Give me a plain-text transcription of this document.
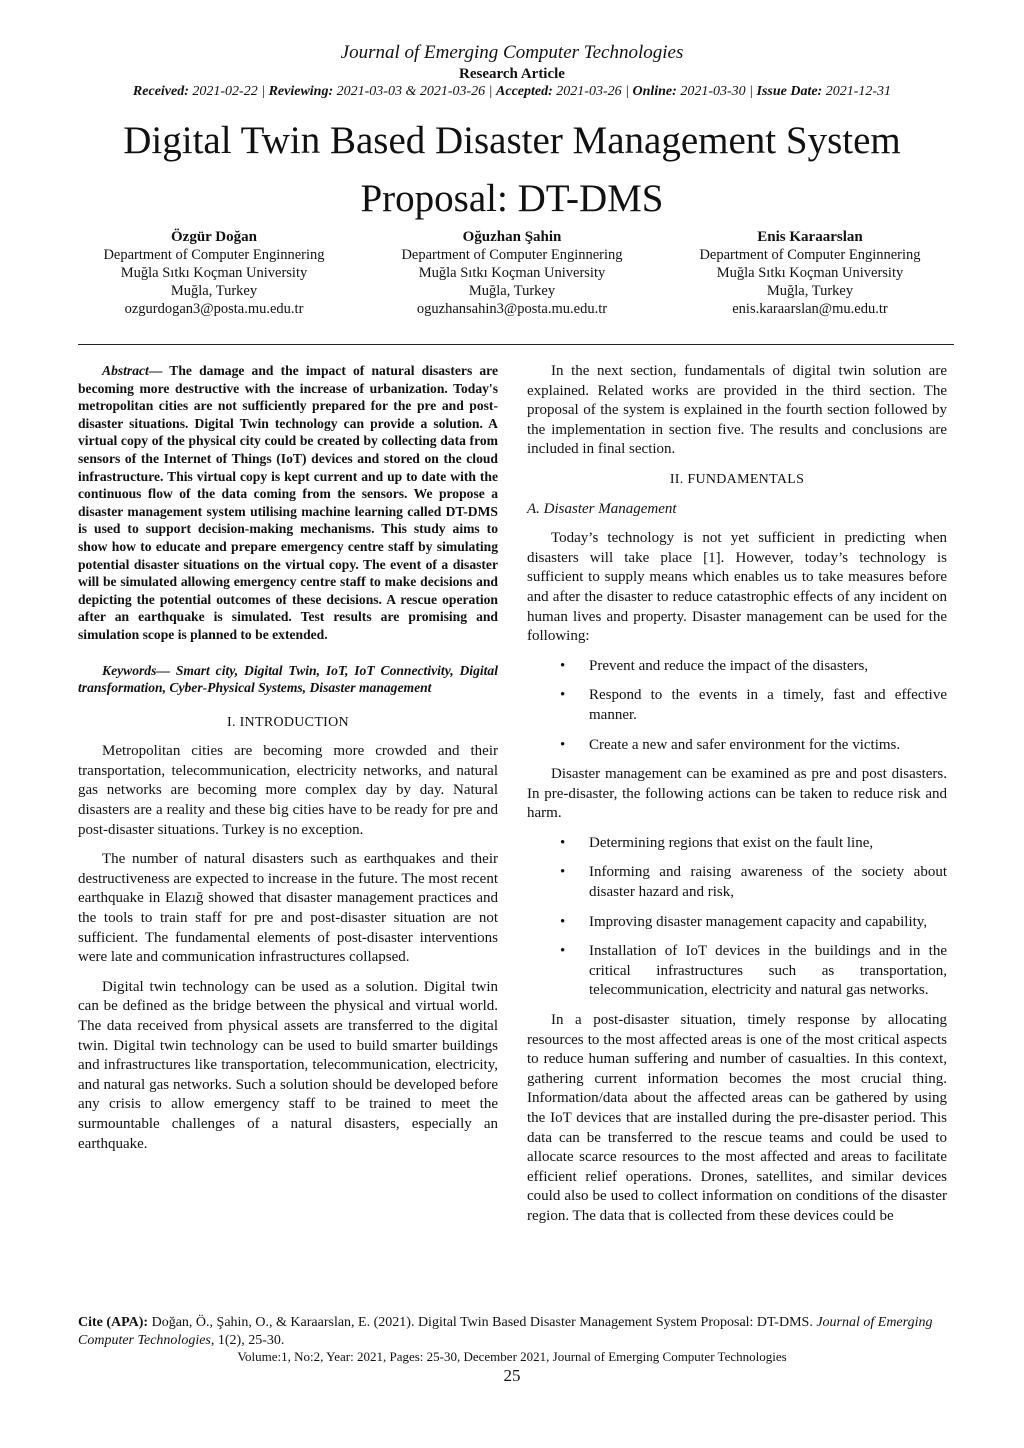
Journal of Emerging Computer Technologies
Research Article
Received: 2021-02-22 | Reviewing: 2021-03-03 & 2021-03-26 | Accepted: 2021-03-26 | Online: 2021-03-30 | Issue Date: 2021-12-31
Digital Twin Based Disaster Management System Proposal: DT-DMS
Özgür Doğan
Department of Computer Enginnering
Muğla Sıtkı Koçman University
Muğla, Turkey
ozgurdogan3@posta.mu.edu.tr
Oğuzhan Şahin
Department of Computer Enginnering
Muğla Sıtkı Koçman University
Muğla, Turkey
oguzhansahin3@posta.mu.edu.tr
Enis Karaarslan
Department of Computer Enginnering
Muğla Sıtkı Koçman University
Muğla, Turkey
enis.karaarslan@mu.edu.tr

Abstract— The damage and the impact of natural disasters are becoming more destructive with the increase of urbanization. Today's metropolitan cities are not sufficiently prepared for the pre and post-disaster situations. Digital Twin technology can provide a solution. A virtual copy of the physical city could be created by collecting data from sensors of the Internet of Things (IoT) devices and stored on the cloud infrastructure. This virtual copy is kept current and up to date with the continuous flow of the data coming from the sensors. We propose a disaster management system utilising machine learning called DT-DMS is used to support decision-making mechanisms. This study aims to show how to educate and prepare emergency centre staff by simulating potential disaster situations on the virtual copy. The event of a disaster will be simulated allowing emergency centre staff to make decisions and depicting the potential outcomes of these decisions. A rescue operation after an earthquake is simulated. Test results are promising and simulation scope is planned to be extended.

Keywords— Smart city, Digital Twin, IoT, IoT Connectivity, Digital transformation, Cyber-Physical Systems, Disaster management

I. INTRODUCTION

Metropolitan cities are becoming more crowded and their transportation, telecommunication, electricity networks, and natural gas networks are becoming more complex day by day. Natural disasters are a reality and these big cities have to be ready for pre and post-disaster situations. Turkey is no exception.

The number of natural disasters such as earthquakes and their destructiveness are expected to increase in the future. The most recent earthquake in Elazığ showed that disaster management practices and the tools to train staff for pre and post-disaster situation are not sufficient. The fundamental elements of post-disaster interventions were late and communication infrastructures collapsed.

Digital twin technology can be used as a solution. Digital twin can be defined as the bridge between the physical and virtual world. The data received from physical assets are transferred to the digital twin. Digital twin technology can be used to build smarter buildings and infrastructures like transportation, telecommunication, electricity, and natural gas networks. Such a solution should be developed before any crisis to allow emergency staff to be trained to meet the surmountable challenges of a natural disasters, especially an earthquake.

In the next section, fundamentals of digital twin solution are explained. Related works are provided in the third section. The proposal of the system is explained in the fourth section followed by the implementation in section five. The results and conclusions are included in final section.

II. FUNDAMENTALS
A. Disaster Management

Today’s technology is not yet sufficient in predicting when disasters will take place [1]. However, today’s technology is sufficient to supply means which enables us to take measures before and after the disaster to reduce catastrophic effects of any incident on human lives and property. Disaster management can be used for the following:

• Prevent and reduce the impact of the disasters,
• Respond to the events in a timely, fast and effective manner.
• Create a new and safer environment for the victims.

Disaster management can be examined as pre and post disasters. In pre-disaster, the following actions can be taken to reduce risk and harm.

• Determining regions that exist on the fault line,
• Informing and raising awareness of the society about disaster hazard and risk,
• Improving disaster management capacity and capability,
• Installation of IoT devices in the buildings and in the critical infrastructures such as transportation, telecommunication, electricity and natural gas networks.

In a post-disaster situation, timely response by allocating resources to the most affected areas is one of the most critical aspects to reduce human suffering and number of casualties. In this context, gathering current information becomes the most crucial thing. Information/data about the affected areas can be gathered by using the IoT devices that are installed during the pre-disaster period. This data can be transferred to the rescue teams and could be used to allocate scarce resources to the most affected and areas to facilitate efficient relief operations. Drones, satellites, and similar devices could also be used to collect information on conditions of the disaster region. The data that is collected from these devices could be

Cite (APA): Doğan, Ö., Şahin, O., & Karaarslan, E. (2021). Digital Twin Based Disaster Management System Proposal: DT-DMS. Journal of Emerging Computer Technologies, 1(2), 25-30.
Volume:1, No:2, Year: 2021, Pages: 25-30, December 2021, Journal of Emerging Computer Technologies
25
